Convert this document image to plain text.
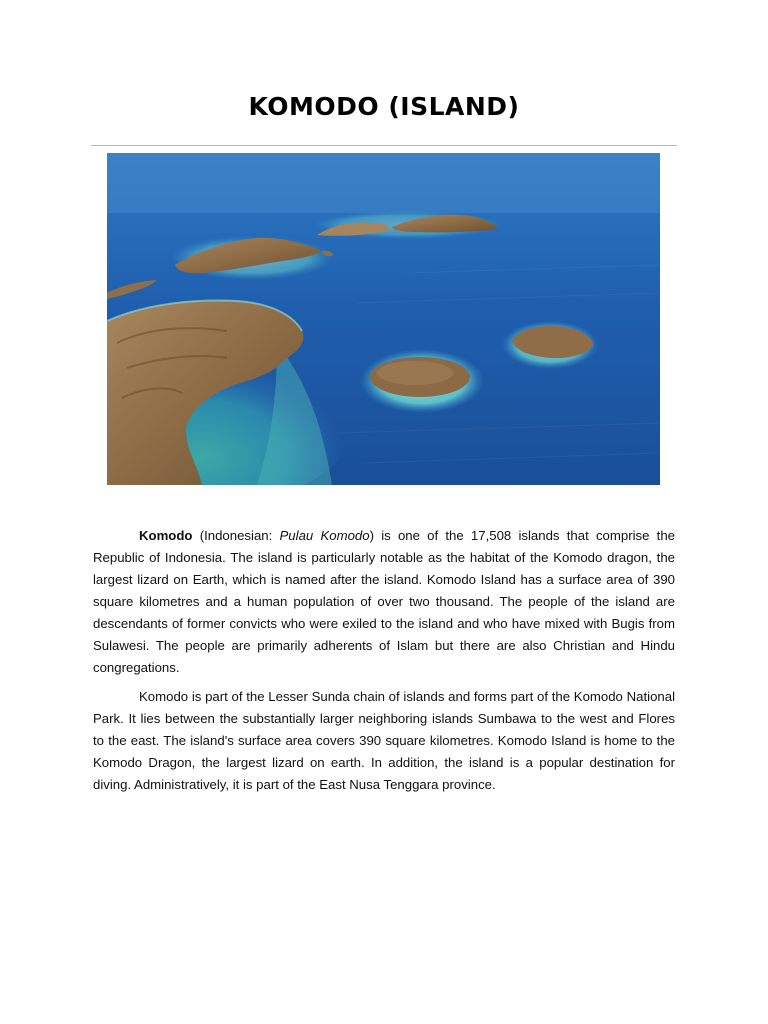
KOMODO (ISLAND)

Komodo (Indonesian: Pulau Komodo) is one of the 17,508 islands that comprise the Republic of Indonesia. The island is particularly notable as the habitat of the Komodo dragon, the largest lizard on Earth, which is named after the island. Komodo Island has a surface area of 390 square kilometres and a human population of over two thousand. The people of the island are descendants of former convicts who were exiled to the island and who have mixed with Bugis from Sulawesi. The people are primarily adherents of Islam but there are also Christian and Hindu congregations.

Komodo is part of the Lesser Sunda chain of islands and forms part of the Komodo National Park. It lies between the substantially larger neighboring islands Sumbawa to the west and Flores to the east. The island's surface area covers 390 square kilometres. Komodo Island is home to the Komodo Dragon, the largest lizard on earth. In addition, the island is a popular destination for diving. Administratively, it is part of the East Nusa Tenggara province.
